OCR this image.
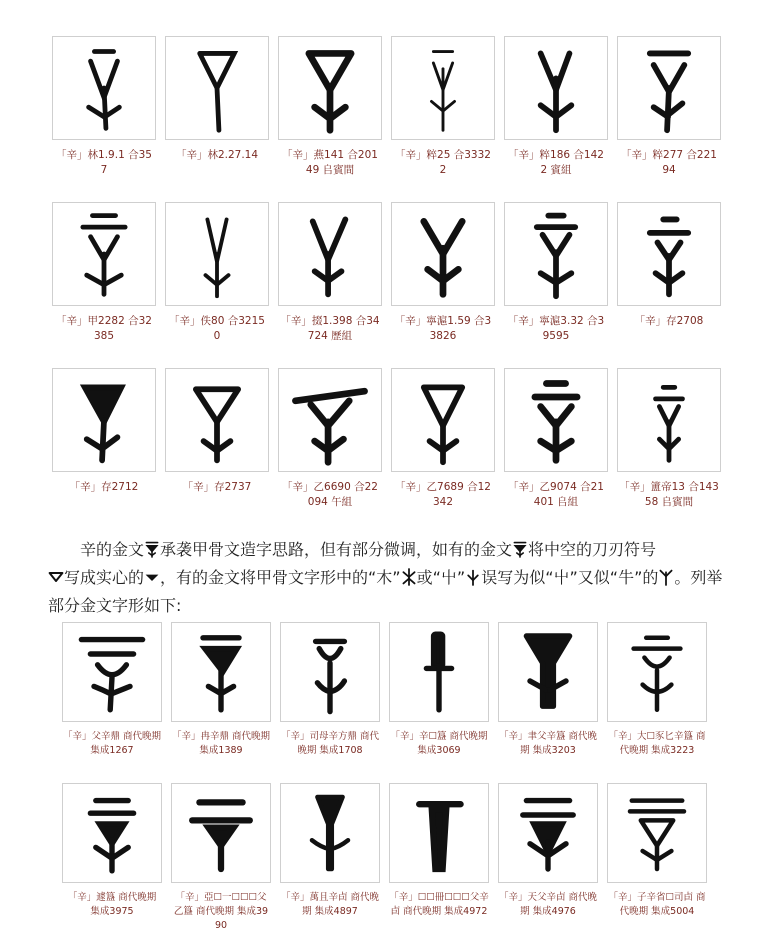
「辛」林1.9.1 合357
「辛」林2.27.14	「辛」燕141 合20149 𠂤賓間
「辛」粹25 合33322
「辛」粹186 合1422 賓組
「辛」粹277 合22194
「辛」甲2282 合32385
「辛」佚80 合32150
「辛」掇1.398 合34724 歷組
「辛」寧滬1.59 合33826
「辛」寧滬3.32 合39595
「辛」存2708
「辛」存2712	「辛」存2737	「辛」乙6690 合22094 午組
「辛」乙7689 合12342
「辛」乙9074 合21401 𠂤組
「辛」簠帝13 合14358 𠂤賓間
辛的金文 承袭甲骨文造字思路，但有部分微调，如有的金文 将中空的刀刃符号
写成实心的 ，有的金文将甲骨文字形中的“木” 或“屮” 误写为似“屮”又似“牛”的 。列举部分金文字形如下:
「辛」父辛鼎 商代晚期 集成1267
「辛」冉辛鼎 商代晚期 集成1389
「辛」司母辛方鼎 商代晚期 集成1708
「辛」辛☐簋 商代晚期 集成3069
「辛」聿父辛簋 商代晚期 集成3203
「辛」大☐豕匕辛簋 商代晚期 集成3223
「辛」遽簋 商代晚期 集成3975
「辛」亞☐一☐☐☐父乙簋 商代晚期 集成3990
「辛」萬且辛卣 商代晚期 集成4897
「辛」☐☐冊☐☐☐父辛卣 商代晚期 集成4972
「辛」天父辛卣 商代晚期 集成4976
「辛」子辛省☐司卣 商代晚期 集成5004
